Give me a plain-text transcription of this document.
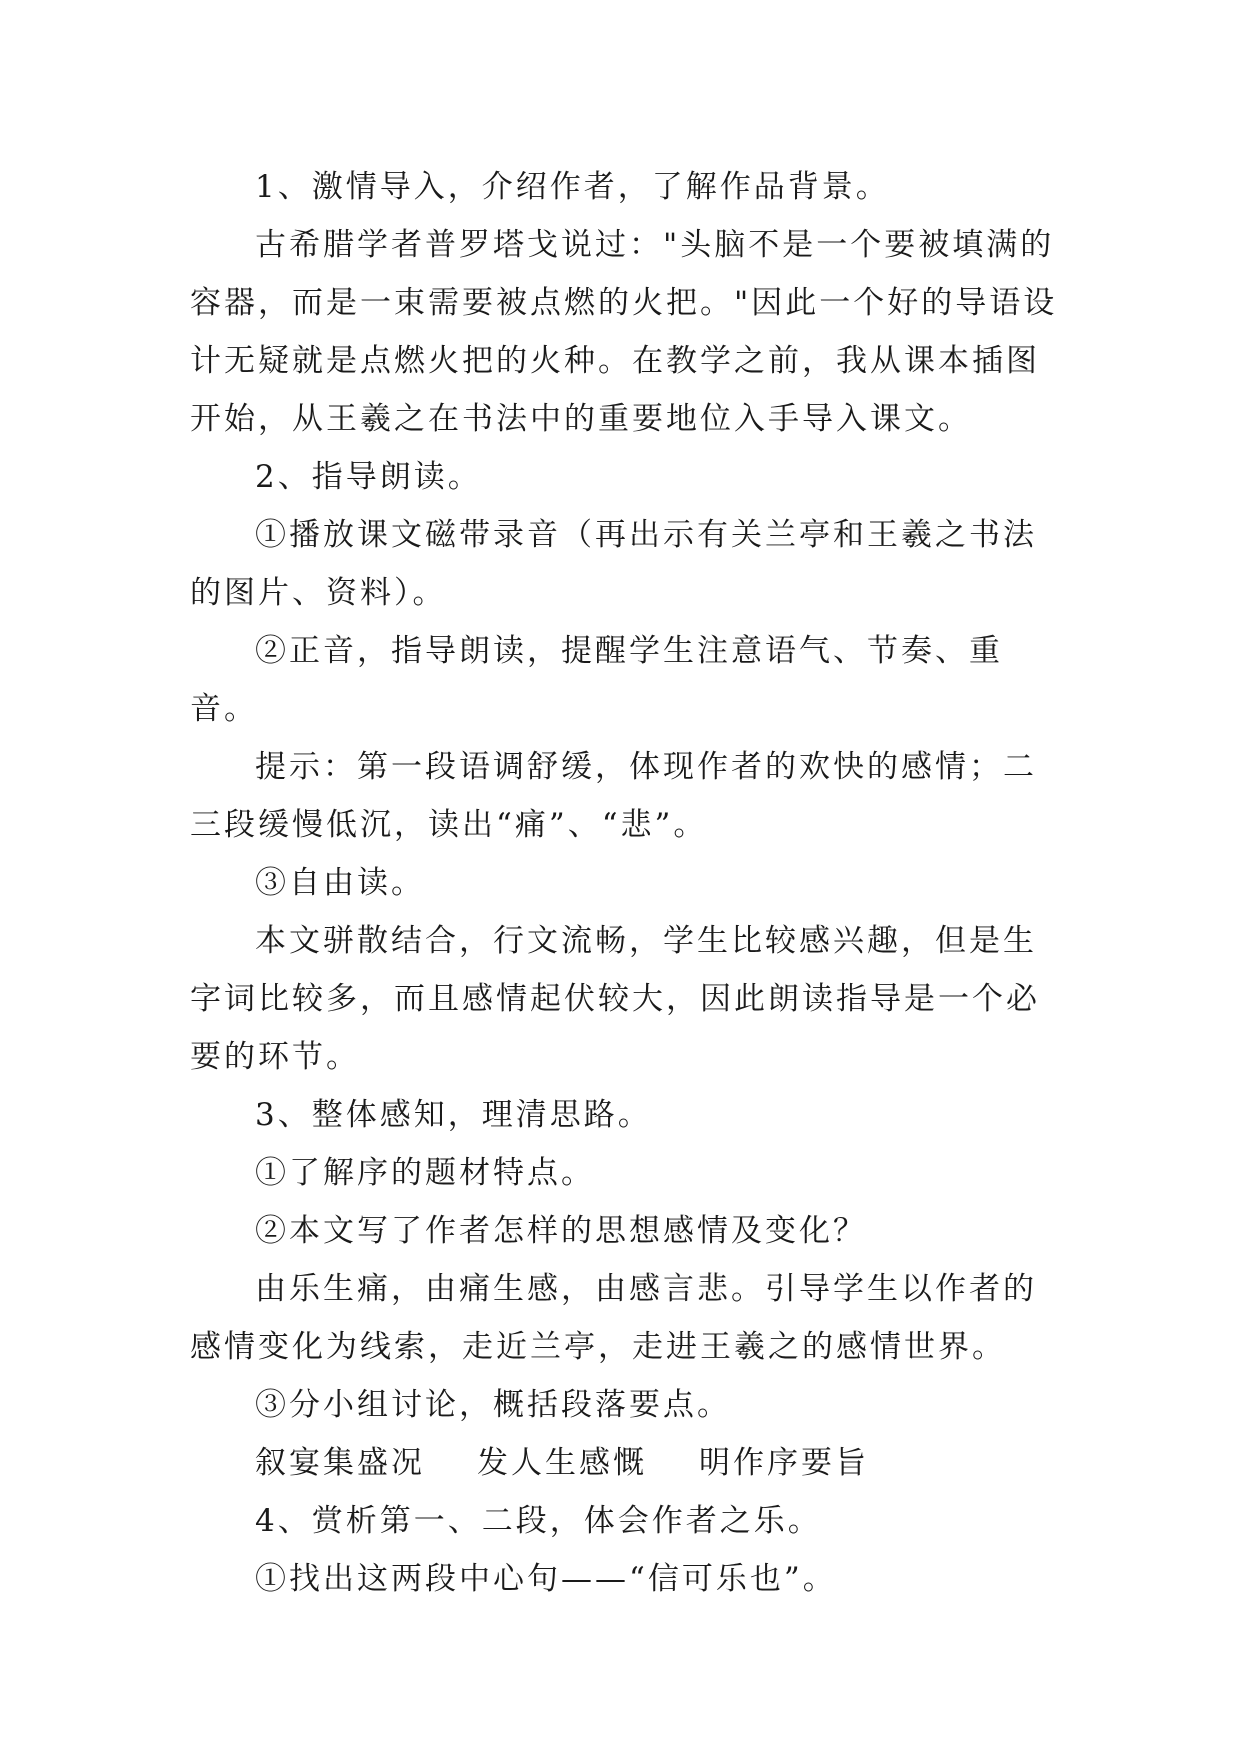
1、激情导入，介绍作者，了解作品背景。

古希腊学者普罗塔戈说过："头脑不是一个要被填满的容器，而是一束需要被点燃的火把。"因此一个好的导语设计无疑就是点燃火把的火种。在教学之前，我从课本插图开始，从王羲之在书法中的重要地位入手导入课文。

2、指导朗读。

①播放课文磁带录音（再出示有关兰亭和王羲之书法的图片、资料）。

②正音，指导朗读，提醒学生注意语气、节奏、重音。

提示：第一段语调舒缓，体现作者的欢快的感情；二三段缓慢低沉，读出“痛”、“悲”。

③自由读。

本文骈散结合，行文流畅，学生比较感兴趣，但是生字词比较多，而且感情起伏较大，因此朗读指导是一个必要的环节。

3、整体感知，理清思路。

①了解序的题材特点。

②本文写了作者怎样的思想感情及变化？

由乐生痛，由痛生感，由感言悲。引导学生以作者的感情变化为线索，走近兰亭，走进王羲之的感情世界。

③分小组讨论，概括段落要点。

叙宴集盛况 发人生感慨 明作序要旨

4、赏析第一、二段，体会作者之乐。

①找出这两段中心句——“信可乐也”。
